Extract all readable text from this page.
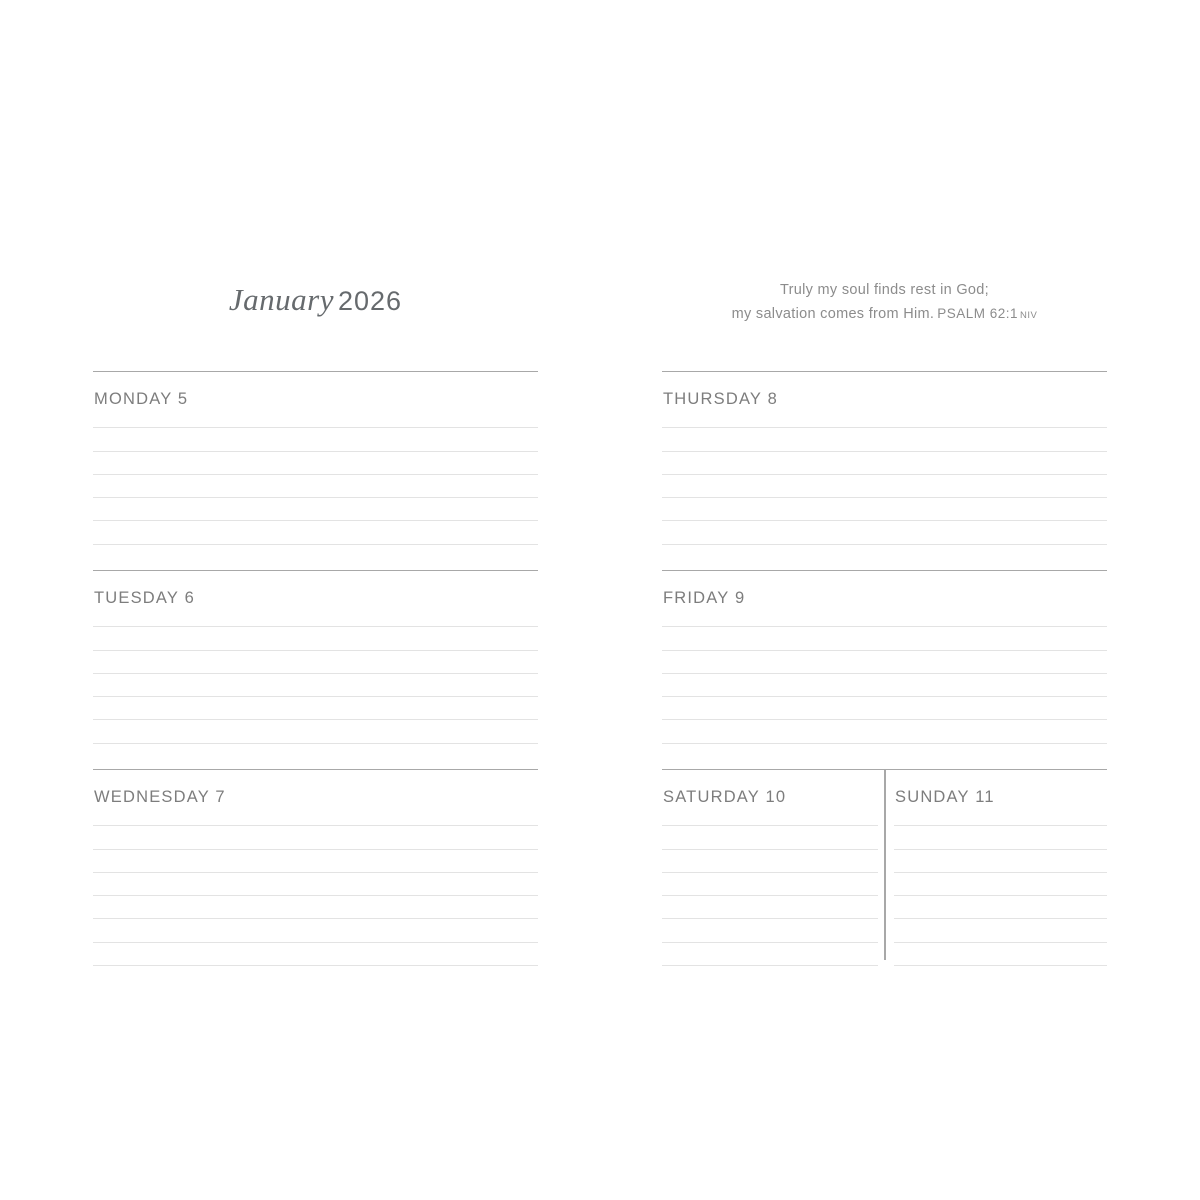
January 2026	Truly my soul finds rest in God;
my salvation comes from Him. PSALM 62:1 NIV
MONDAY 5
TUESDAY 6
WEDNESDAY 7
THURSDAY 8
FRIDAY 9
SATURDAY 10	SUNDAY 11
